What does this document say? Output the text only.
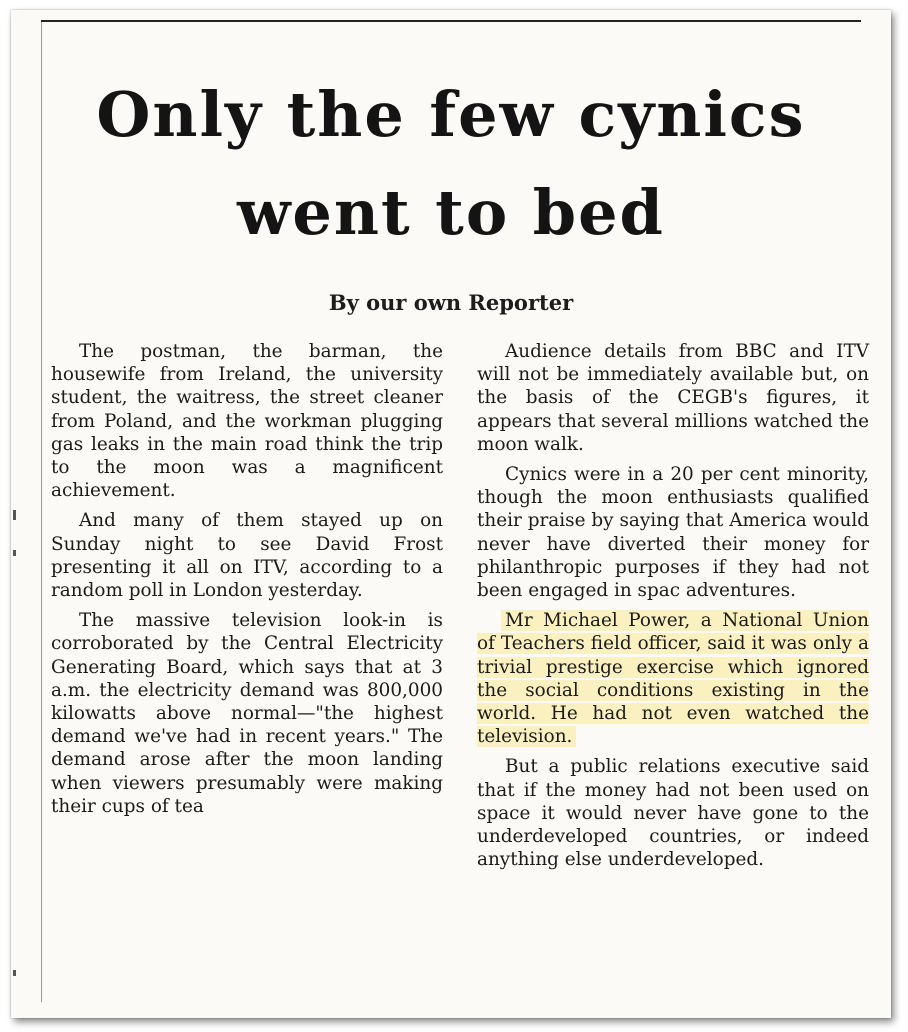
Only the few cynics
went to bed
By our own Reporter

The postman, the barman, the housewife from Ireland, the university student, the waitress, the street cleaner from Poland, and the workman plugging gas leaks in the main road think the trip to the moon was a magnificent achievement.

And many of them stayed up on Sunday night to see David Frost presenting it all on ITV, according to a random poll in London yesterday.

The massive television look-in is corroborated by the Central Electricity Generating Board, which says that at 3 a.m. the electricity demand was 800,000 kilowatts above normal—"the highest demand we've had in recent years." The demand arose after the moon landing when viewers presumably were making their cups of tea

Audience details from BBC and ITV will not be immediately available but, on the basis of the CEGB's figures, it appears that several millions watched the moon walk.

Cynics were in a 20 per cent minority, though the moon enthusiasts qualified their praise by saying that America would never have diverted their money for philanthropic purposes if they had not been engaged in spac adventures.

Mr Michael Power, a National Union of Teachers field officer, said it was only a trivial prestige exercise which ignored the social conditions existing in the world. He had not even watched the television.

But a public relations executive said that if the money had not been used on space it would never have gone to the underdeveloped countries, or indeed anything else underdeveloped.
